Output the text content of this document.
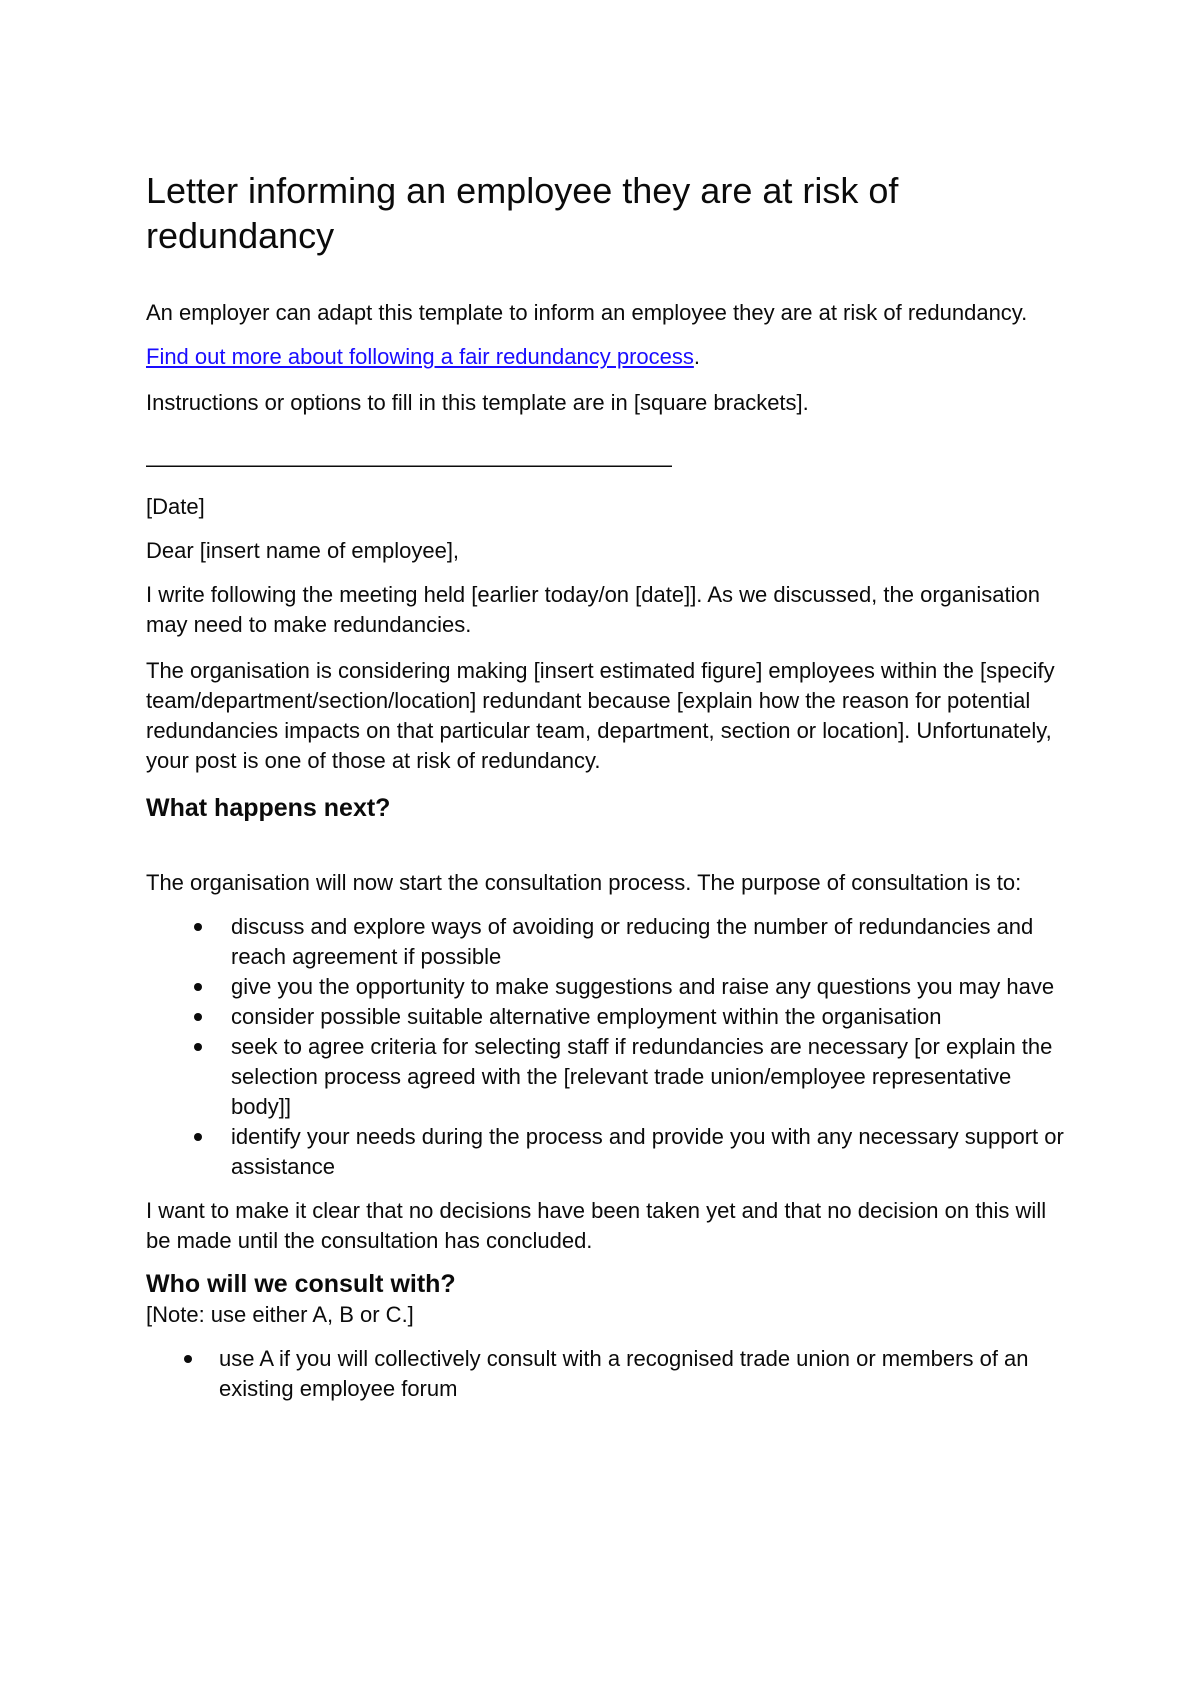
Letter informing an employee they are at risk of redundancy

An employer can adapt this template to inform an employee they are at risk of redundancy.

Find out more about following a fair redundancy process.

Instructions or options to fill in this template are in [square brackets].

—————————————————————————

[Date]

Dear [insert name of employee],

I write following the meeting held [earlier today/on [date]]. As we discussed, the organisation may need to make redundancies.

The organisation is considering making [insert estimated figure] employees within the [specify team/department/section/location] redundant because [explain how the reason for potential redundancies impacts on that particular team, department, section or location]. Unfortunately, your post is one of those at risk of redundancy.

What happens next?

The organisation will now start the consultation process. The purpose of consultation is to:

discuss and explore ways of avoiding or reducing the number of redundancies and reach agreement if possible
give you the opportunity to make suggestions and raise any questions you may have
consider possible suitable alternative employment within the organisation
seek to agree criteria for selecting staff if redundancies are necessary [or explain the selection process agreed with the [relevant trade union/employee representative body]]
identify your needs during the process and provide you with any necessary support or assistance

I want to make it clear that no decisions have been taken yet and that no decision on this will be made until the consultation has concluded.

Who will we consult with?

[Note: use either A, B or C.]

use A if you will collectively consult with a recognised trade union or members of an existing employee forum
